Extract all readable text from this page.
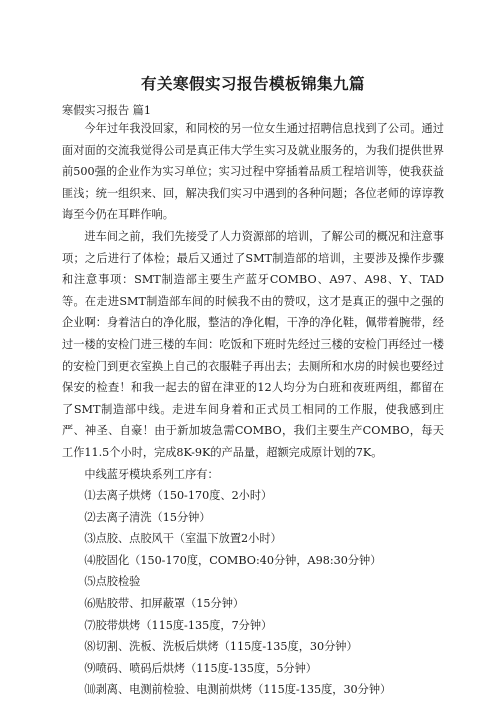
有关寒假实习报告模板锦集九篇
寒假实习报告 篇1

今年过年我没回家，和同校的另一位女生通过招聘信息找到了公司。通过面对面的交流我觉得公司是真正伟大学生实习及就业服务的，为我们提供世界前500强的企业作为实习单位；实习过程中穿插着品质工程培训等，使我获益匪浅；统一组织来、回，解决我们实习中遇到的各种问题；各位老师的谆谆教诲至今仍在耳畔作响。

进车间之前，我们先接受了人力资源部的培训，了解公司的概况和注意事项；之后进行了体检；最后又通过了SMT制造部的培训，主要涉及操作步骤和注意事项：SMT制造部主要生产蓝牙COMBO、A97、A98、Y、TAD等。在走进SMT制造部车间的时候我不由的赞叹，这才是真正的强中之强的企业啊：身着洁白的净化服，整洁的净化帽，干净的净化鞋，佩带着腕带，经过一楼的安检门进三楼的车间：吃饭和下班时先经过三楼的安检门再经过一楼的安检门到更衣室换上自己的衣服鞋子再出去；去厕所和水房的时候也要经过保安的检查！和我一起去的留在津亚的12人均分为白班和夜班两组，都留在了SMT制造部中线。走进车间身着和正式员工相同的工作服，使我感到庄严、神圣、自豪！由于新加坡急需COMBO，我们主要生产COMBO，每天工作11.5个小时，完成8K-9K的产品量，超额完成原计划的7K。

中线蓝牙模块系列工序有：

⑴去离子烘烤（150-170度、2小时）
⑵去离子清洗（15分钟）
⑶点胶、点胶风干（室温下放置2小时）
⑷胶固化（150-170度，COMBO:40分钟，A98:30分钟）
⑸点胶检验
⑹贴胶带、扣屏蔽罩（15分钟）
⑺胶带烘烤（115度-135度，7分钟）
⑻切割、洗板、洗板后烘烤（115度-135度，30分钟）
⑼喷码、喷码后烘烤（115度-135度，5分钟）
⑽剥离、电测前检验、电测前烘烤（115度-135度，30分钟）
